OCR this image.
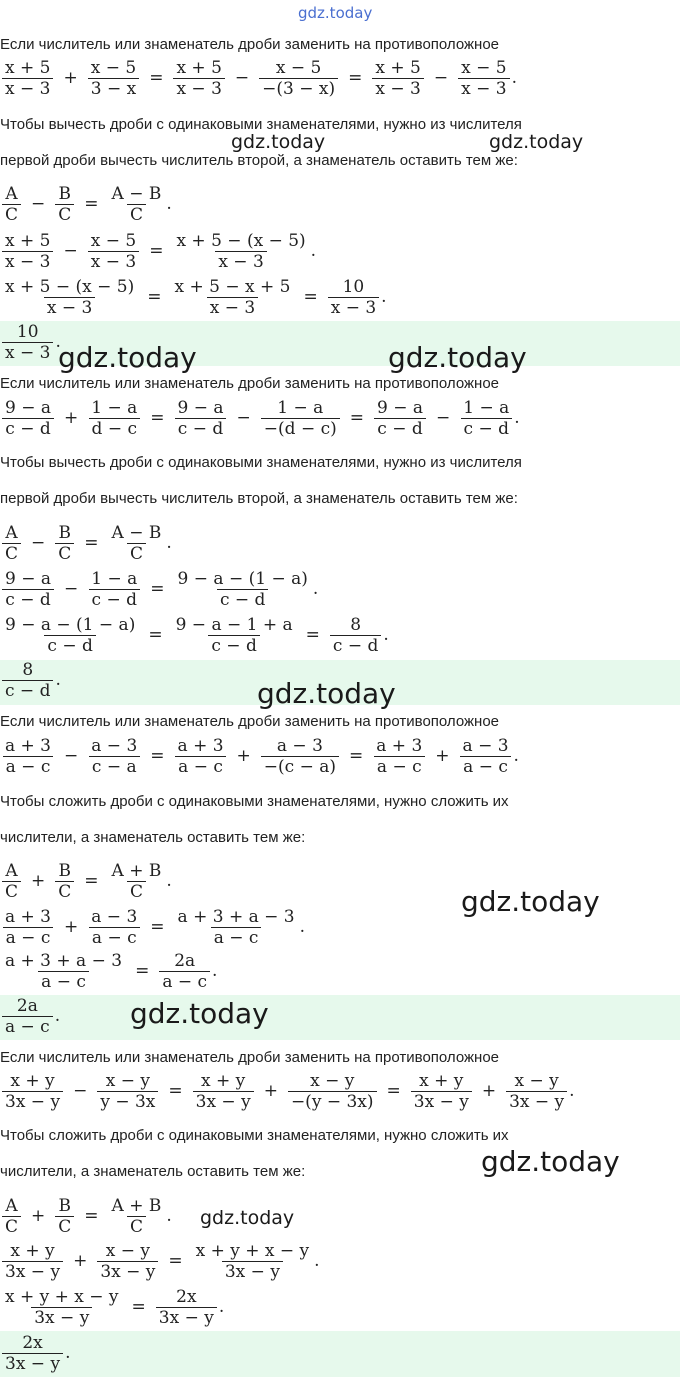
gdz.today
Если числитель или знаменатель дроби заменить на противоположное
$\frac{x + 5}{x - 3} + \frac{x - 5}{3 - x} = \frac{x + 5}{x - 3} - \frac{x - 5}{-(3 - x)} = \frac{x + 5}{x - 3} - \frac{x - 5}{x - 3}$ .
Чтобы вычесть дроби с одинаковыми знаменателями, нужно из числителя
gdz.today	gdz.today
первой дроби вычесть числитель второй, а знаменатель оставить тем же:
$\frac{A}{C} - \frac{B}{C} = \frac{A - B}{C}$ .
$\frac{x + 5}{x - 3} - \frac{x - 5}{x - 3} = \frac{x + 5 - (x - 5)}{x - 3}$ .
$\frac{x + 5 - (x - 5)}{x - 3} = \frac{x + 5 - x + 5}{x - 3} = \frac{10}{x - 3}$ .
$\frac{10}{x - 3}$ .
gdz.today	gdz.today
Если числитель или знаменатель дроби заменить на противоположное
$\frac{9 - a}{c - d} + \frac{1 - a}{d - c} = \frac{9 - a}{c - d} - \frac{1 - a}{-(d - c)} = \frac{9 - a}{c - d} - \frac{1 - a}{c - d}$ .
Чтобы вычесть дроби с одинаковыми знаменателями, нужно из числителя
первой дроби вычесть числитель второй, а знаменатель оставить тем же:
$\frac{A}{C} - \frac{B}{C} = \frac{A - B}{C}$ .
$\frac{9 - a}{c - d} - \frac{1 - a}{c - d} = \frac{9 - a - (1 - a)}{c - d}$ .
$\frac{9 - a - (1 - a)}{c - d} = \frac{9 - a - 1 + a}{c - d} = \frac{8}{c - d}$ .
$\frac{8}{c - d}$ .	gdz.today
Если числитель или знаменатель дроби заменить на противоположное
$\frac{a + 3}{a - c} - \frac{a - 3}{c - a} = \frac{a + 3}{a - c} + \frac{a - 3}{-(c - a)} = \frac{a + 3}{a - c} + \frac{a - 3}{a - c}$ .
Чтобы сложить дроби с одинаковыми знаменателями, нужно сложить их
числители, а знаменатель оставить тем же:
$\frac{A}{C} + \frac{B}{C} = \frac{A + B}{C}$ .
gdz.today
$\frac{a + 3}{a - c} + \frac{a - 3}{a - c} = \frac{a + 3 + a - 3}{a - c}$ .
$\frac{a + 3 + a - 3}{a - c} = \frac{2a}{a - c}$ .
$\frac{2a}{a - c}$ . gdz.today
Если числитель или знаменатель дроби заменить на противоположное
$\frac{x + y}{3x - y} - \frac{x - y}{y - 3x} = \frac{x + y}{3x - y} + \frac{x - y}{-(y - 3x)} = \frac{x + y}{3x - y} + \frac{x - y}{3x - y}$ .
Чтобы сложить дроби с одинаковыми знаменателями, нужно сложить их
gdz.today
числители, а знаменатель оставить тем же:
$\frac{A}{C} + \frac{B}{C} = \frac{A + B}{C}$ . gdz.today
$\frac{x + y}{3x - y} + \frac{x - y}{3x - y} = \frac{x + y + x - y}{3x - y}$ .
$\frac{x + y + x - y}{3x - y} = \frac{2x}{3x - y}$ .
$\frac{2x}{3x - y}$ .
